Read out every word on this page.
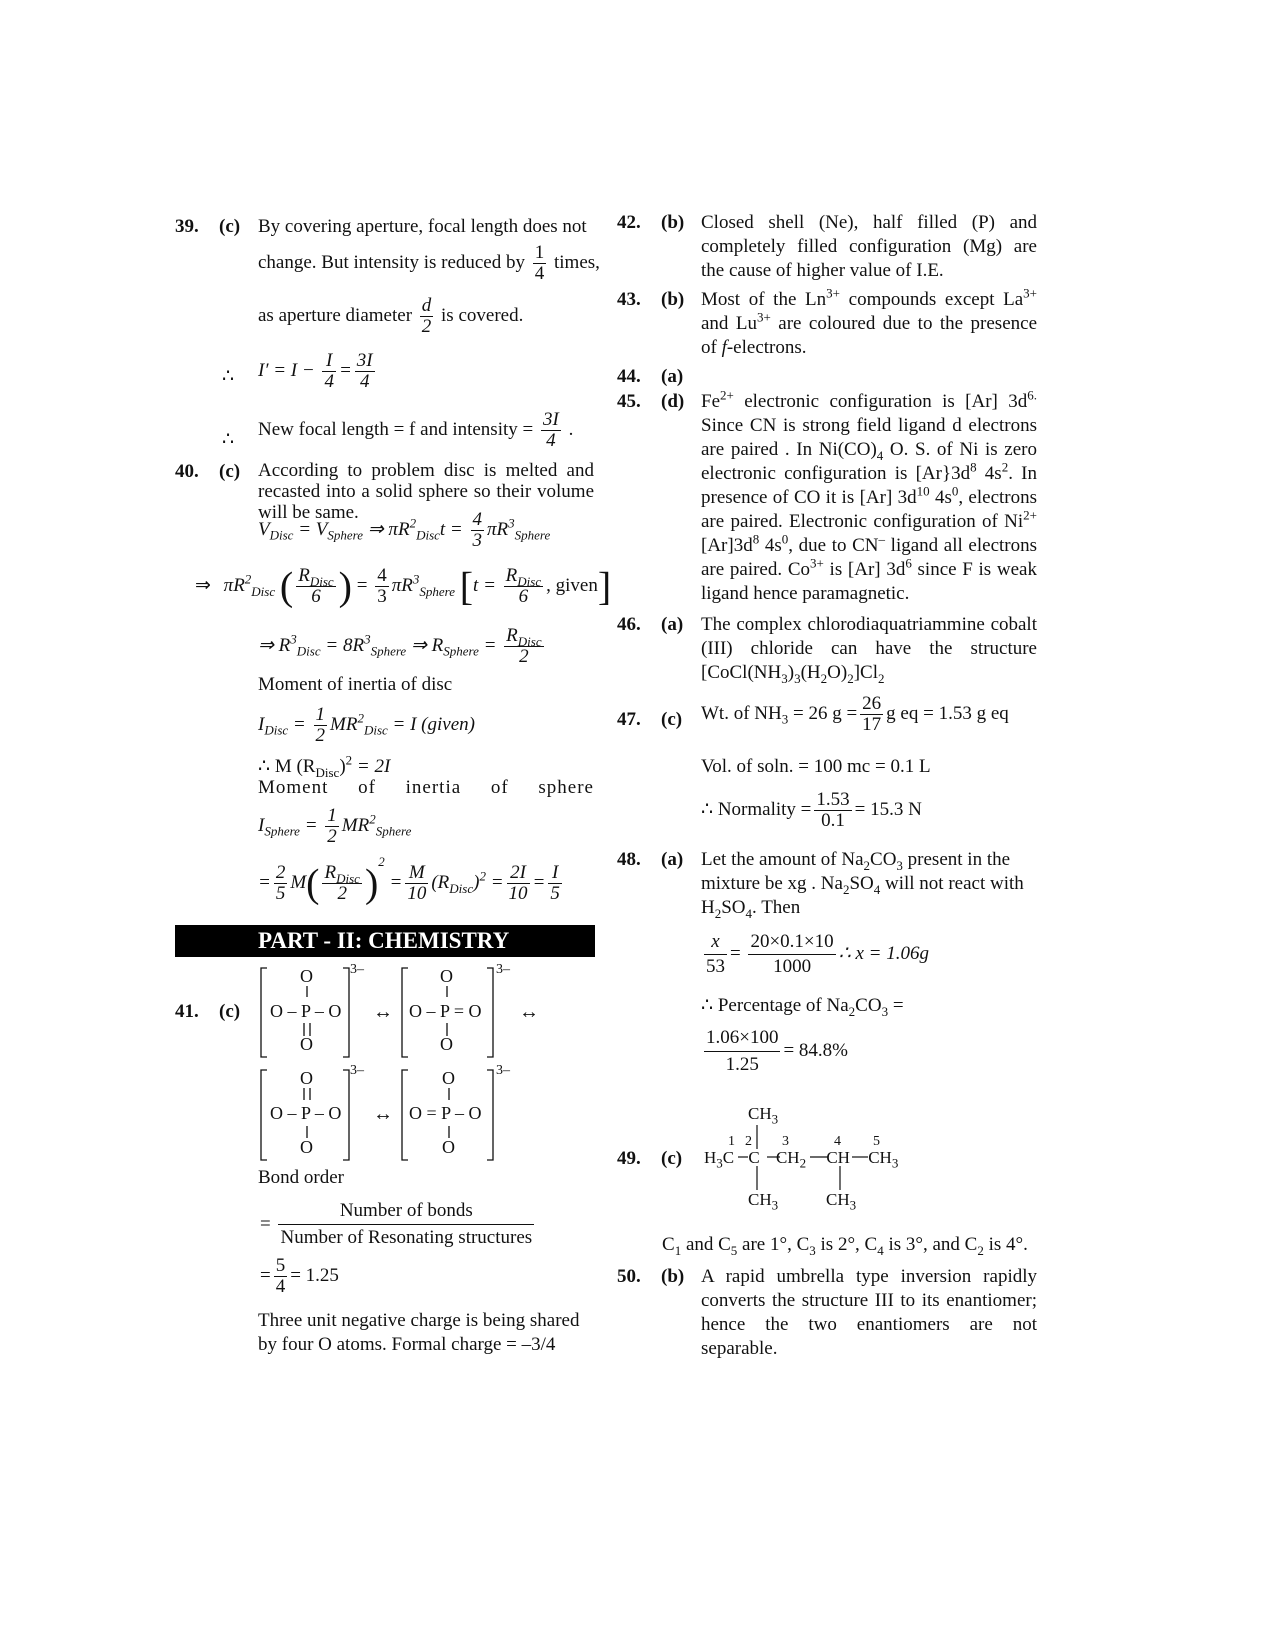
39. (c) By covering aperture, focal length does not
change. But intensity is reduced by $\frac{1}{4}$ times,
as aperture diameter $\frac{d}{2}$ is covered.
∴ $I' = I - \frac{I}{4} = \frac{3I}{4}$
∴ New focal length = f and intensity = $\frac{3I}{4}$ .
40. (c) According to problem disc is melted and recasted into a solid sphere so their volume will be same.
$V_{Disc} = V_{Sphere}$ ⇒ $\pi R^2_{Disc}t = \frac{4}{3} \pi R^3_{Sphere}$
⇒ $\pi R^2_{Disc}$ ( $\frac{R_{Disc}}{6}$ ) = $\frac{4}{3} \pi R^3_{Sphere}$ [$t = \frac{R_{Disc}}{6}$ , given]
⇒ $R^3_{Disc} = 8R^3_{Sphere}$ ⇒ $R_{Sphere} = \frac{R_{Disc}}{2}$
Moment of inertia of disc
$I_{Disc} = \frac{1}{2} MR^2_{Disc} = I$ (given)
∴ M $(R_{Disc})^2 = 2I$
Moment of inertia of sphere
$I_{Sphere} = \frac{1}{2} MR^2_{Sphere}$
= $\frac{2}{5} M( \frac{R_{Disc}}{2} )^2 = \frac{M}{10} (R_{Disc})^2 = \frac{2I}{10} = \frac{I}{5}$
PART - II: CHEMISTRY
41. (c)
O
O – P – O
O
3–
↔
O
O – P = O
O
3–
↔
O
O – P – O
O
3–
↔
O
O = P – O
O
3–
Bond order
= $\frac{\text{Number of bonds}}{\text{Number of Resonating structures}}$
= $\frac{5}{4} = 1.25$
Three unit negative charge is being shared by four O atoms. Formal charge = –3/4
42. (b) Closed shell (Ne), half filled (P) and completely filled configuration (Mg) are the cause of higher value of I.E.
43. (b) Most of the $Ln^{3+}$ compounds except $La^{3+}$ and $Lu^{3+}$ are coloured due to the presence of f-electrons.
44. (a)
45. (d) $Fe^{2+}$ electronic configuration is [Ar] $3d^{6.}$ Since CN is strong field ligand d electrons are paired . In $Ni(CO)_4$ O. S. of Ni is zero electronic configuration is $[Ar\}3d^8$ $4s^2$. In presence of CO it is [Ar] $3d^{10}$ $4s^0$, electrons are paired. Electronic configuration of $Ni^{2+}$ $[Ar]3d^8$ $4s^0$, due to CN– ligand all electrons are paired. $Co^{3+}$ is [Ar] $3d^6$ since F is weak ligand hence paramagnetic.
46. (a) The complex chlorodiaquatriammine cobalt (III) chloride can have the structure $[CoCl(NH_3)_3(H_2O)_2]Cl_2$
47. (c) Wt. of $NH_3 = 26$ $g = \frac{26}{17}$ g eq = 1.53 g eq
Vol. of soln. = 100 mc = 0.1 L
∴ Normality = $\frac{1.53}{0.1} = 15.3$ N
48. (a) Let the amount of $Na_2CO_3$ present in the mixture be xg . $Na_2SO_4$ will not react with $H_2SO_4$. Then
$\frac{x}{53} = \frac{20\times 0.1\times 10}{1000}$ ∴ x = 1.06g
∴ Percentage of $Na_2CO_3$ =
$\frac{1.06\times 100}{1.25} = 84.8\%$
49. (c)
$CH_3$
1 2 3	4 5
$H_3C$ C $CH_2$ CH $CH_3$
$CH_3$	$CH_3$
$C_1$ and $C_5$ are 1°, $C_3$ is 2°, $C_4$ is 3°, and $C_2$ is 4°.
50. (b) A rapid umbrella type inversion rapidly converts the structure III to its enantiomer; hence the two enantiomers are not separable.
